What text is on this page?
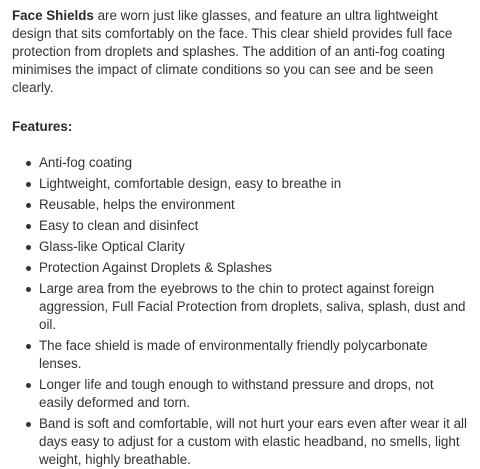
Face Shields are worn just like glasses, and feature an ultra lightweight design that sits comfortably on the face. This clear shield provides full face protection from droplets and splashes. The addition of an anti-fog coating minimises the impact of climate conditions so you can see and be seen clearly.

Features:

Anti-fog coating
Lightweight, comfortable design, easy to breathe in
Reusable, helps the environment
Easy to clean and disinfect
Glass-like Optical Clarity
Protection Against Droplets & Splashes
Large area from the eyebrows to the chin to protect against foreign aggression, Full Facial Protection from droplets, saliva, splash, dust and oil.
The face shield is made of environmentally friendly polycarbonate lenses.
Longer life and tough enough to withstand pressure and drops, not easily deformed and torn.
Band is soft and comfortable, will not hurt your ears even after wear it all days easy to adjust for a custom with elastic headband, no smells, light weight, highly breathable.
